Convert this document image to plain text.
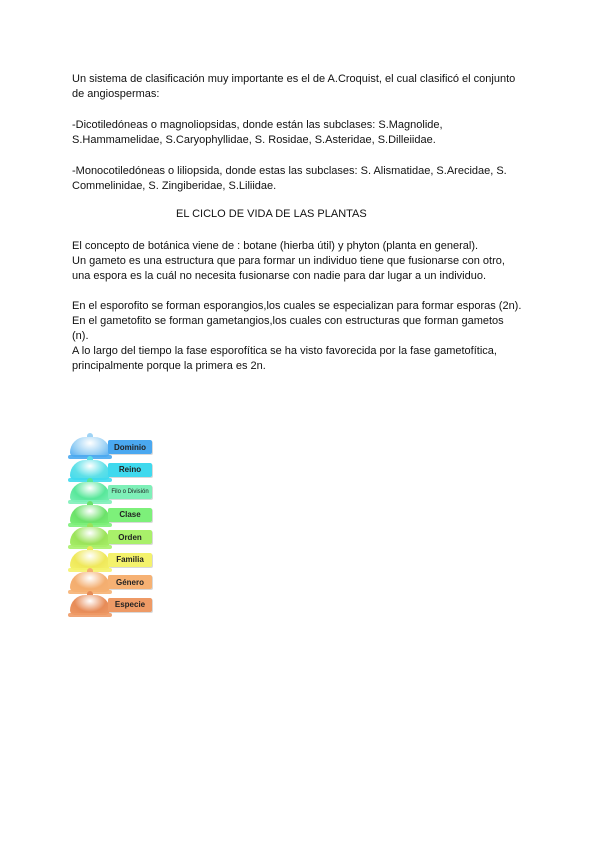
Un sistema de clasificación muy importante es el de A.Croquist, el cual clasificó el conjunto
de angiospermas:
-Dicotiledóneas o magnoliopsidas, donde están las subclases: S.Magnolide,
S.Hammamelidae, S.Caryophyllidae, S. Rosidae, S.Asteridae, S.Dilleiidae.
-Monocotiledóneas o liliopsida, donde estas las subclases: S. Alismatidae, S.Arecidae, S.
Commelinidae, S. Zingiberidae, S.Liliidae.
EL CICLO DE VIDA DE LAS PLANTAS
El concepto de botánica viene de : botane (hierba útil) y phyton (planta en general).
Un gameto es una estructura que para formar un individuo tiene que fusionarse con otro,
una espora es la cuál no necesita fusionarse con nadie para dar lugar a un individuo.
En el esporofito se forman esporangios,los cuales se especializan para formar esporas (2n).
En el gametofito se forman gametangios,los cuales con estructuras que forman gametos
(n).
A lo largo del tiempo la fase esporofítica se ha visto favorecida por la fase gametofítica,
principalmente porque la primera es 2n.
Dominio
Reino
Filo o División
Clase
Orden
Familia
Género
Especie
